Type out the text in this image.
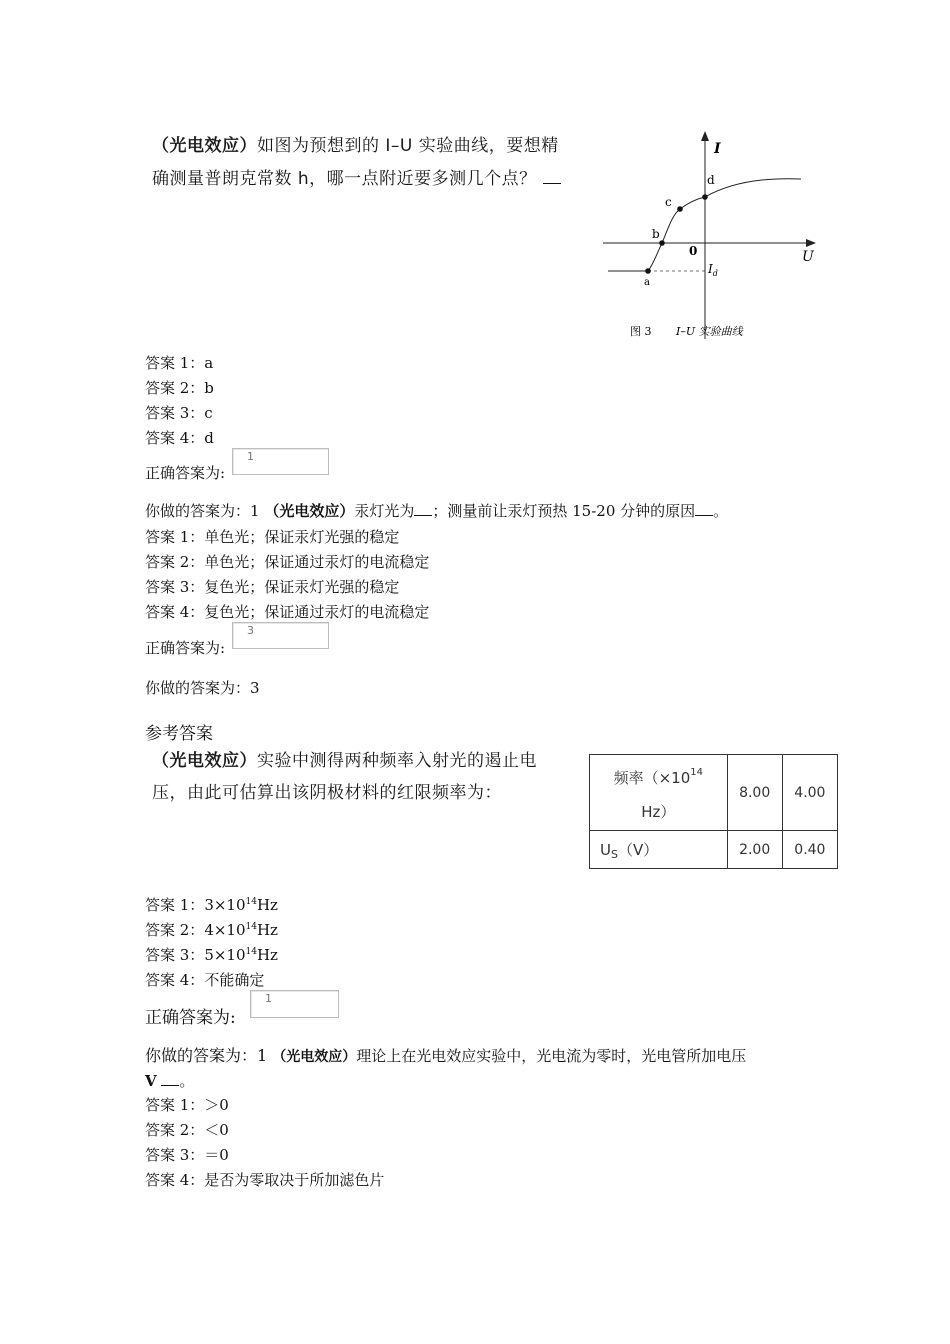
（光电效应）如图为预想到的 I–U 实验曲线，要想精
确测量普朗克常数 h，哪一点附近要多测几个点？
a
b
c
d
I
U
0
$I_d$
图 3 I–U 实验曲线
答案 1：a
答案 2：b
答案 3：c
答案 4：d
正确答案为:
1
你做的答案为：1 （光电效应）汞灯光为 ；测量前让汞灯预热 15-20 分钟的原因 。
答案 1：单色光；保证汞灯光强的稳定
答案 2：单色光；保证通过汞灯的电流稳定
答案 3：复色光；保证汞灯光强的稳定
答案 4：复色光；保证通过汞灯的电流稳定
正确答案为:
3
你做的答案为：3
参考答案
（光电效应）实验中测得两种频率入射光的遏止电
压，由此可估算出该阴极材料的红限频率为：
频率（$\times 10^{14}$
Hz）	8.00	4.00
$U_S(V)$	2.00	0.40
答案 1：$3\times 10^{14}Hz$
答案 2：$4\times 10^{14}Hz$
答案 3：$5\times 10^{14}Hz$
答案 4：不能确定
正确答案为:
1
你做的答案为：1 （光电效应）理论上在光电效应实验中，光电流为零时，光电管所加电压
V 。
答案 1：＞0
答案 2：＜0
答案 3：＝0
答案 4：是否为零取决于所加滤色片
